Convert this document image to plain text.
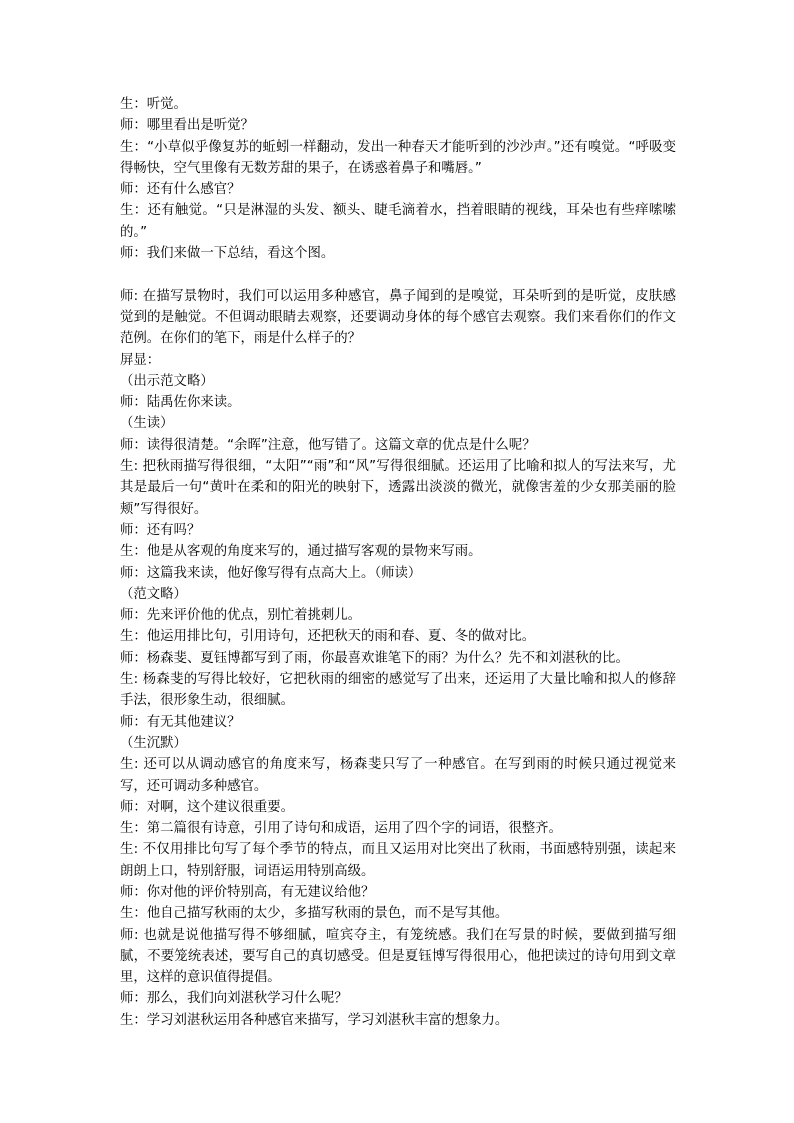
生：听觉。
师：哪里看出是听觉？
生：“小草似乎像复苏的蚯蚓一样翻动，发出一种春天才能听到的沙沙声。”还有嗅觉。“呼吸变得畅快，空气里像有无数芳甜的果子，在诱惑着鼻子和嘴唇。”
师：还有什么感官？
生：还有触觉。“只是淋湿的头发、额头、睫毛滴着水，挡着眼睛的视线，耳朵也有些痒嗦嗦的。”
师：我们来做一下总结，看这个图。
师: 在描写景物时，我们可以运用多种感官，鼻子闻到的是嗅觉，耳朵听到的是听觉，皮肤感觉到的是触觉。不但调动眼睛去观察，还要调动身体的每个感官去观察。我们来看你们的作文范例。在你们的笔下，雨是什么样子的？
屏显：
（出示范文略）
师：陆禹佐你来读。
（生读）
师：读得很清楚。“余晖”注意，他写错了。这篇文章的优点是什么呢？
生: 把秋雨描写得很细，“太阳”“雨”和“风”写得很细腻。还运用了比喻和拟人的写法来写，尤其是最后一句“黄叶在柔和的阳光的映射下，透露出淡淡的微光，就像害羞的少女那美丽的脸颊”写得很好。
师：还有吗？
生：他是从客观的角度来写的，通过描写客观的景物来写雨。
师：这篇我来读，他好像写得有点高大上。（师读）
（范文略）
师：先来评价他的优点，别忙着挑刺儿。
生：他运用排比句，引用诗句，还把秋天的雨和春、夏、冬的做对比。
师：杨森斐、夏钰博都写到了雨，你最喜欢谁笔下的雨？为什么？先不和刘湛秋的比。
生: 杨森斐的写得比较好，它把秋雨的细密的感觉写了出来，还运用了大量比喻和拟人的修辞手法，很形象生动，很细腻。
师：有无其他建议？
（生沉默）
生: 还可以从调动感官的角度来写，杨森斐只写了一种感官。在写到雨的时候只通过视觉来写，还可调动多种感官。
师：对啊，这个建议很重要。
生：第二篇很有诗意，引用了诗句和成语，运用了四个字的词语，很整齐。
生: 不仅用排比句写了每个季节的特点，而且又运用对比突出了秋雨，书面感特别强，读起来朗朗上口，特别舒服，词语运用特别高级。
师：你对他的评价特别高，有无建议给他？
生：他自己描写秋雨的太少，多描写秋雨的景色，而不是写其他。
师: 也就是说他描写得不够细腻，喧宾夺主，有笼统感。我们在写景的时候，要做到描写细腻，不要笼统表述，要写自己的真切感受。但是夏钰博写得很用心，他把读过的诗句用到文章里，这样的意识值得提倡。
师：那么，我们向刘湛秋学习什么呢？
生：学习刘湛秋运用各种感官来描写，学习刘湛秋丰富的想象力。
